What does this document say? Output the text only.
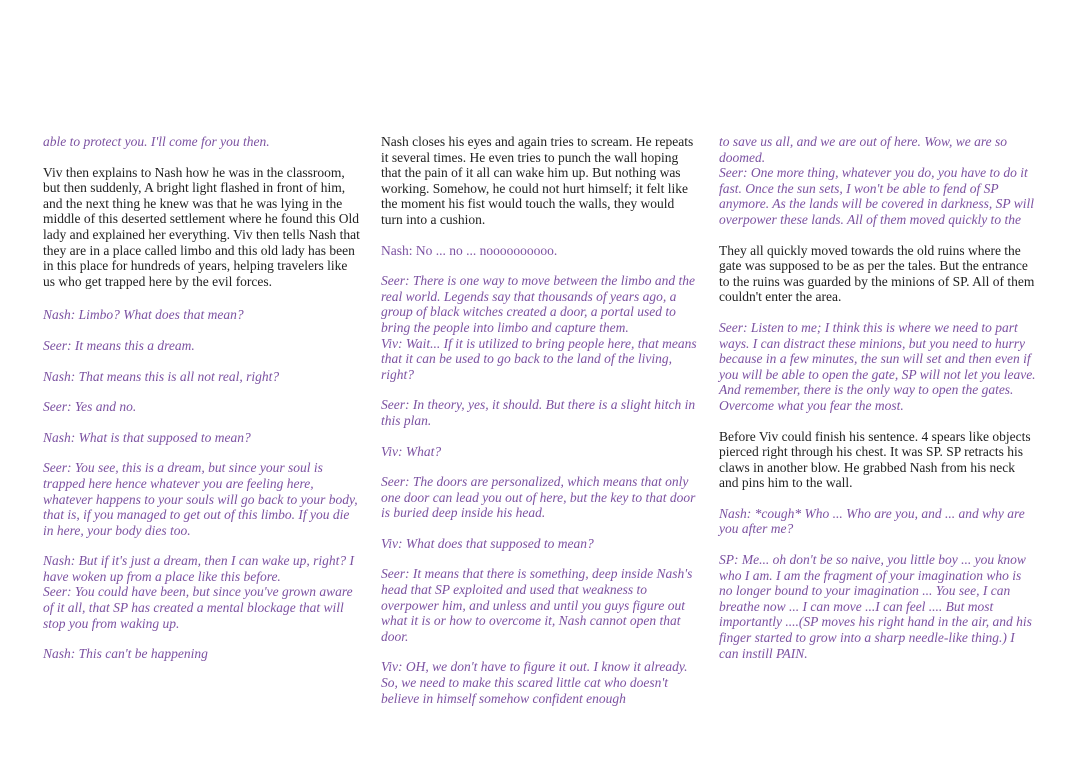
able to protect you. I'll come for you then.

Viv then explains to Nash how he was in the classroom, but then suddenly, A bright light flashed in front of him, and the next thing he knew was that he was lying in the middle of this deserted settlement where he found this Old lady and explained her everything. Viv then tells Nash that they are in a place called limbo and this old lady has been in this place for hundreds of years, helping travelers like us who get trapped here by the evil forces.

Nash: Limbo? What does that mean?

Seer: It means this a dream.

Nash: That means this is all not real, right?

Seer: Yes and no.

Nash: What is that supposed to mean?

Seer: You see, this is a dream, but since your soul is trapped here hence whatever you are feeling here, whatever happens to your souls will go back to your body, that is, if you managed to get out of this limbo. If you die in here, your body dies too.

Nash: But if it's just a dream, then I can wake up, right? I have woken up from a place like this before.
Seer: You could have been, but since you've grown aware of it all, that SP has created a mental blockage that will stop you from waking up.

Nash: This can't be happening

Nash closes his eyes and again tries to scream. He repeats it several times. He even tries to punch the wall hoping that the pain of it all can wake him up. But nothing was working. Somehow, he could not hurt himself; it felt like the moment his fist would touch the walls, they would turn into a cushion.

Nash: No ... no ... noooooooooo.

Seer: There is one way to move between the limbo and the real world. Legends say that thousands of years ago, a group of black witches created a door, a portal used to bring the people into limbo and capture them.
Viv: Wait... If it is utilized to bring people here, that means that it can be used to go back to the land of the living, right?

Seer: In theory, yes, it should. But there is a slight hitch in this plan.

Viv: What?

Seer: The doors are personalized, which means that only one door can lead you out of here, but the key to that door is buried deep inside his head.

Viv: What does that supposed to mean?

Seer: It means that there is something, deep inside Nash's head that SP exploited and used that weakness to overpower him, and unless and until you guys figure out what it is or how to overcome it, Nash cannot open that door.

Viv: OH, we don't have to figure it out. I know it already. So, we need to make this scared little cat who doesn't believe in himself somehow confident enough

to save us all, and we are out of here. Wow, we are so doomed.
Seer: One more thing, whatever you do, you have to do it fast. Once the sun sets, I won't be able to fend of SP anymore. As the lands will be covered in darkness, SP will overpower these lands. All of them moved quickly to the

They all quickly moved towards the old ruins where the gate was supposed to be as per the tales. But the entrance to the ruins was guarded by the minions of SP. All of them couldn't enter the area.

Seer: Listen to me; I think this is where we need to part ways. I can distract these minions, but you need to hurry because in a few minutes, the sun will set and then even if you will be able to open the gate, SP will not let you leave. And remember, there is the only way to open the gates. Overcome what you fear the most.

Before Viv could finish his sentence. 4 spears like objects pierced right through his chest. It was SP. SP retracts his claws in another blow. He grabbed Nash from his neck and pins him to the wall.

Nash: *cough* Who ... Who are you, and ... and why are you after me?

SP: Me... oh don't be so naive, you little boy ... you know who I am. I am the fragment of your imagination who is no longer bound to your imagination ... You see, I can breathe now ... I can move ...I can feel .... But most importantly ....(SP moves his right hand in the air, and his finger started to grow into a sharp needle-like thing.) I can instill PAIN.
